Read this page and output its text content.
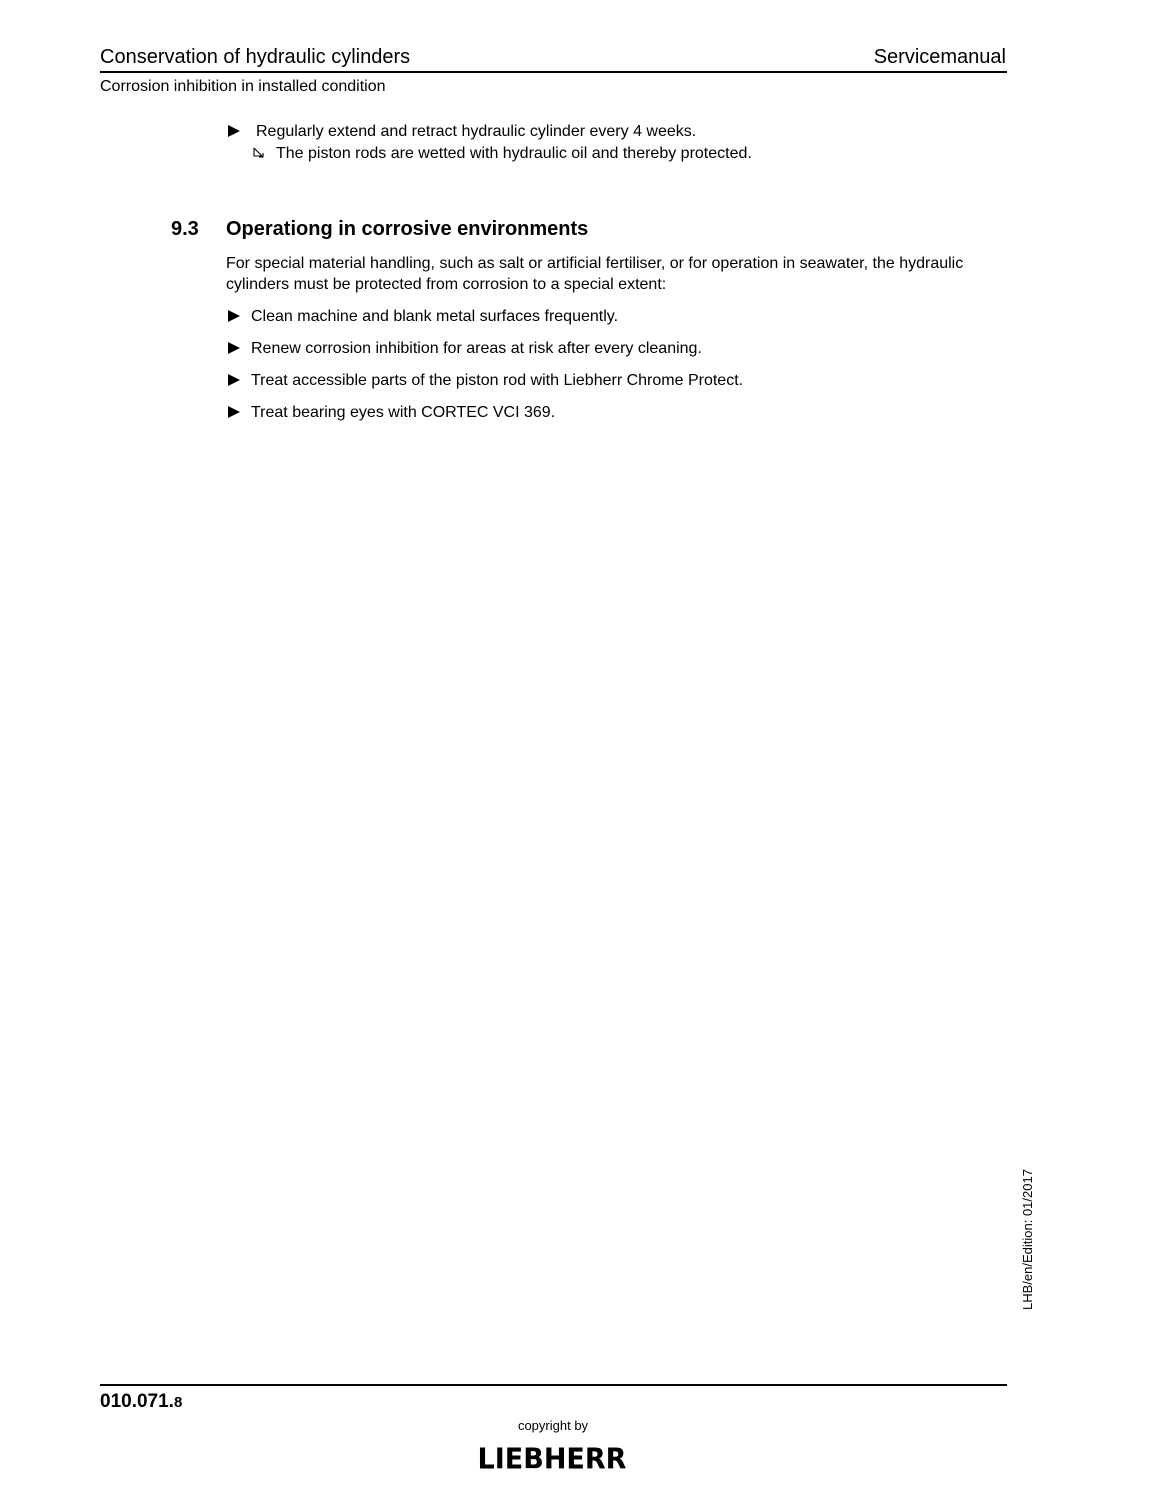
Conservation of hydraulic cylinders	Servicemanual
Corrosion inhibition in installed condition
Regularly extend and retract hydraulic cylinder every 4 weeks.
The piston rods are wetted with hydraulic oil and thereby protected.
9.3 Operationg in corrosive environments
For special material handling, such as salt or artificial fertiliser, or for operation in seawater, the hydraulic cylinders must be protected from corrosion to a special extent:
Clean machine and blank metal surfaces frequently.
Renew corrosion inhibition for areas at risk after every cleaning.
Treat accessible parts of the piston rod with Liebherr Chrome Protect.
Treat bearing eyes with CORTEC VCI 369.
LHB/en/Edition: 01/2017
010.071.8
copyright by
LIEBHERR
